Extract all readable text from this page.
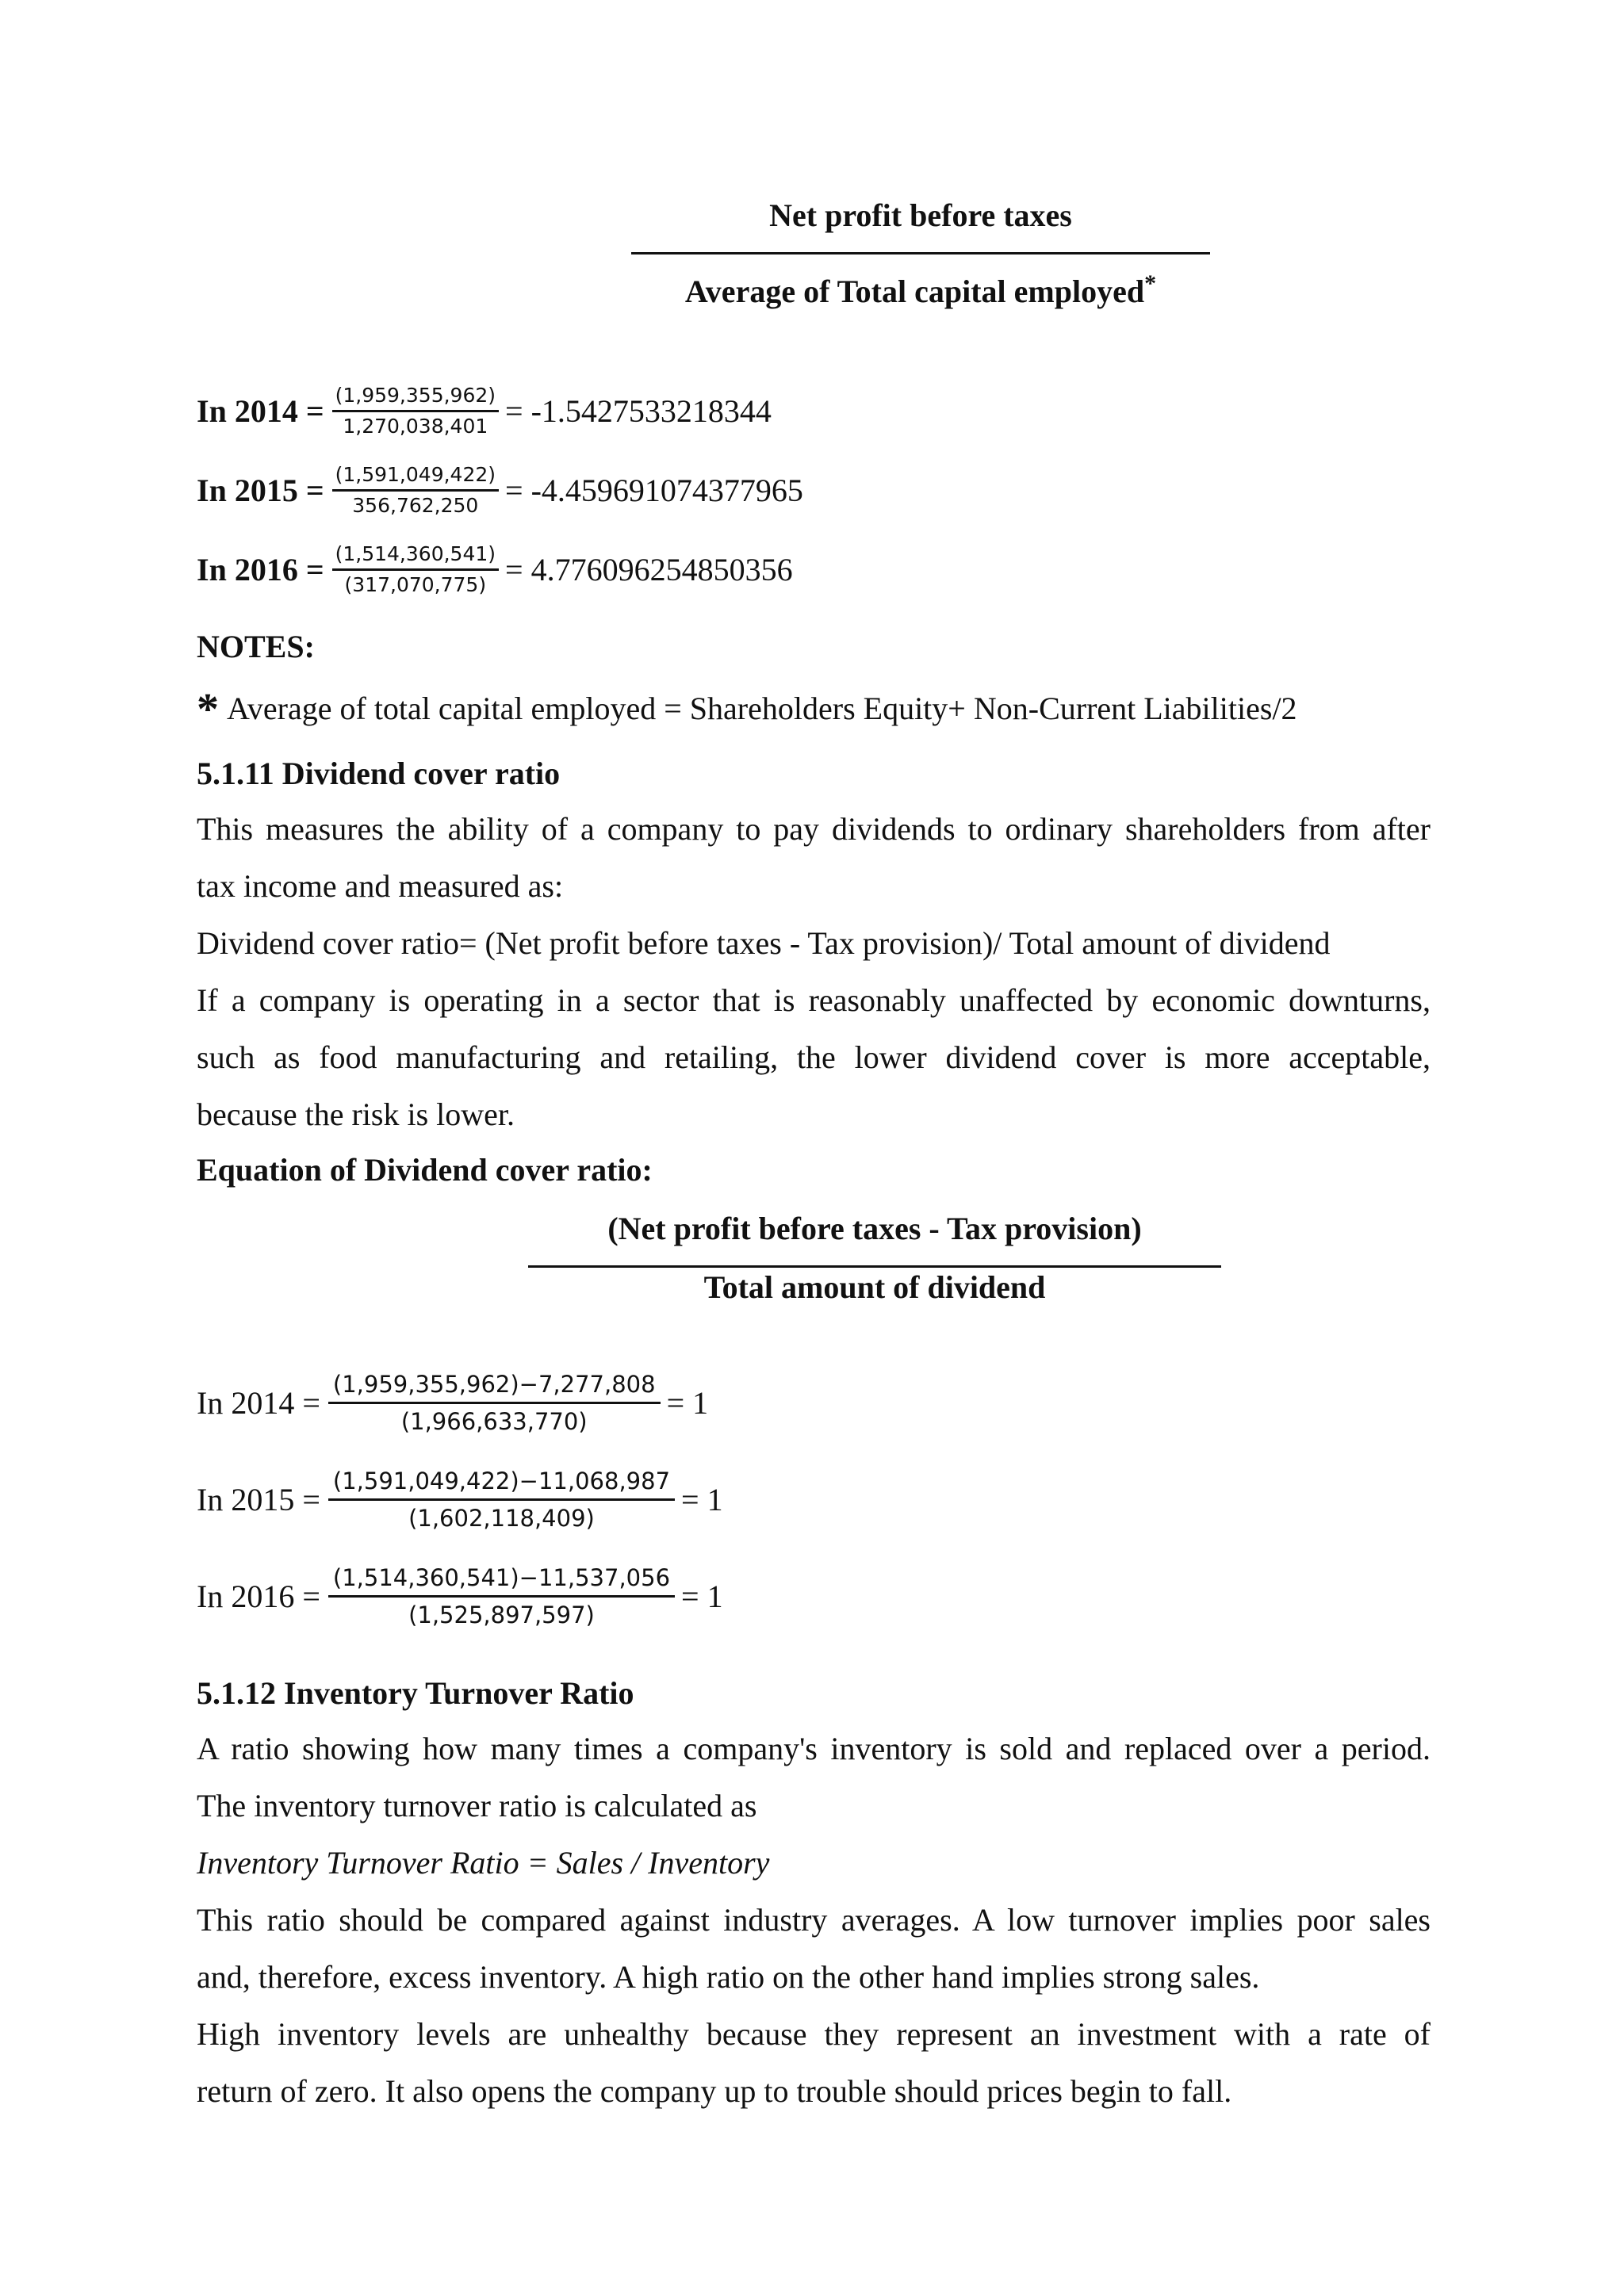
Net profit before taxes
Average of Total capital employed*
In $2014 = \frac{(1,959,355,962)}{1,270,038,401} = -1.5427533218344$
In $2015 = \frac{(1,591,049,422)}{356,762,250} = -4.459691074377965$
In $2016 = \frac{(1,514,360,541)}{(317,070,775)} = 4.776096254850356$
NOTES:
* Average of total capital employed = Shareholders Equity+ Non-Current Liabilities/2
5.1.11 Dividend cover ratio
This measures the ability of a company to pay dividends to ordinary shareholders from after
tax income and measured as:
Dividend cover ratio= (Net profit before taxes - Tax provision)/ Total amount of dividend
If a company is operating in a sector that is reasonably unaffected by economic downturns,
such as food manufacturing and retailing, the lower dividend cover is more acceptable,
because the risk is lower.
Equation of Dividend cover ratio:
(Net profit before taxes - Tax provision)
Total amount of dividend
In $2014 = \frac{(1,959,355,962)-7,277,808}{(1,966,633,770)} = 1$
In $2015 = \frac{(1,591,049,422)-11,068,987}{(1,602,118,409)} = 1$
In $2016 = \frac{(1,514,360,541)-11,537,056}{(1,525,897,597)} = 1$
5.1.12 Inventory Turnover Ratio
A ratio showing how many times a company's inventory is sold and replaced over a period.
The inventory turnover ratio is calculated as
Inventory Turnover Ratio = Sales / Inventory
This ratio should be compared against industry averages. A low turnover implies poor sales
and, therefore, excess inventory. A high ratio on the other hand implies strong sales.
High inventory levels are unhealthy because they represent an investment with a rate of
return of zero. It also opens the company up to trouble should prices begin to fall.
